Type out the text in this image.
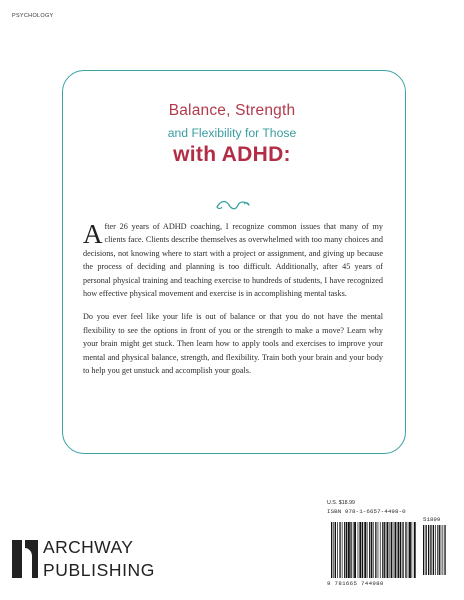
PSYCHOLOGY
Balance, Strength
and Flexibility for Those
with ADHD:

After 26 years of ADHD coaching, I recognize common issues that many of my clients face. Clients describe themselves as overwhelmed with too many choices and decisions, not knowing where to start with a project or assignment, and giving up because the process of deciding and planning is too difficult. Additionally, after 45 years of personal physical training and teaching exercise to hundreds of students, I have recognized how effective physical movement and exercise is in accomplishing mental tasks.

Do you ever feel like your life is out of balance or that you do not have the mental flexibility to see the options in front of you or the strength to make a move? Learn why your brain might get stuck. Then learn how to apply tools and exercises to improve your mental and physical balance, strength, and flexibility. Train both your brain and your body to help you get unstuck and accomplish your goals.

U.S. $18.99
ISBN 978-1-6657-4498-0
51899
9 781665 744980
ARCHWAY
PUBLISHING
